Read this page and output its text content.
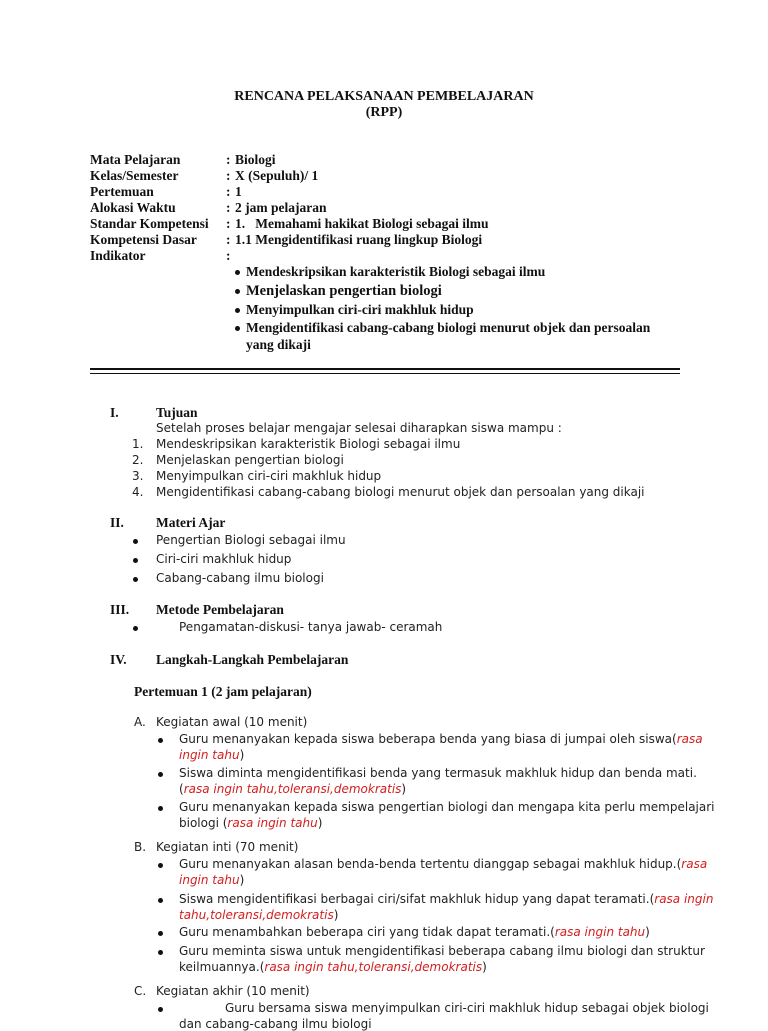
RENCANA PELAKSANAAN PEMBELAJARAN
(RPP)
Mata Pelajaran	: Biologi
Kelas/Semester	: X (Sepuluh)/ 1
Pertemuan	: 1
Alokasi Waktu	: 2 jam pelajaran
Standar Kompetensi : 1.   Memahami hakikat Biologi sebagai ilmu
Kompetensi Dasar : 1.1 Mengidentifikasi ruang lingkup Biologi
Indikator	:
Mendeskripsikan karakteristik Biologi sebagai ilmu
Menjelaskan pengertian biologi
Menyimpulkan ciri-ciri makhluk hidup
Mengidentifikasi cabang-cabang biologi menurut objek dan persoalan
yang dikaji
I.	Tujuan
Setelah proses belajar mengajar selesai diharapkan siswa mampu :
1. Mendeskripsikan karakteristik Biologi sebagai ilmu
2. Menjelaskan pengertian biologi
3. Menyimpulkan ciri-ciri makhluk hidup
4. Mengidentifikasi cabang-cabang biologi menurut objek dan persoalan yang dikaji
II. Materi Ajar
Pengertian Biologi sebagai ilmu
Ciri-ciri makhluk hidup
Cabang-cabang ilmu biologi
III. Metode Pembelajaran
Pengamatan-diskusi- tanya jawab- ceramah
IV. Langkah-Langkah Pembelajaran
Pertemuan 1 (2 jam pelajaran)
A. Kegiatan awal (10 menit)
Guru menanyakan kepada siswa beberapa benda yang biasa di jumpai oleh siswa(rasa
ingin tahu)
Siswa diminta mengidentifikasi benda yang termasuk makhluk hidup dan benda mati.
(rasa ingin tahu,toleransi,demokratis)
Guru menanyakan kepada siswa pengertian biologi dan mengapa kita perlu mempelajari
biologi (rasa ingin tahu)
B. Kegiatan inti (70 menit)
Guru menanyakan alasan benda-benda tertentu dianggap sebagai makhluk hidup.(rasa
ingin tahu)
Siswa mengidentifikasi berbagai ciri/sifat makhluk hidup yang dapat teramati.(rasa ingin
tahu,toleransi,demokratis)
Guru menambahkan beberapa ciri yang tidak dapat teramati.(rasa ingin tahu)
Guru meminta siswa untuk mengidentifikasi beberapa cabang ilmu biologi dan struktur
keilmuannya.(rasa ingin tahu,toleransi,demokratis)
C. Kegiatan akhir (10 menit)
Guru bersama siswa menyimpulkan ciri-ciri makhluk hidup sebagai objek biologi
dan cabang-cabang ilmu biologi
